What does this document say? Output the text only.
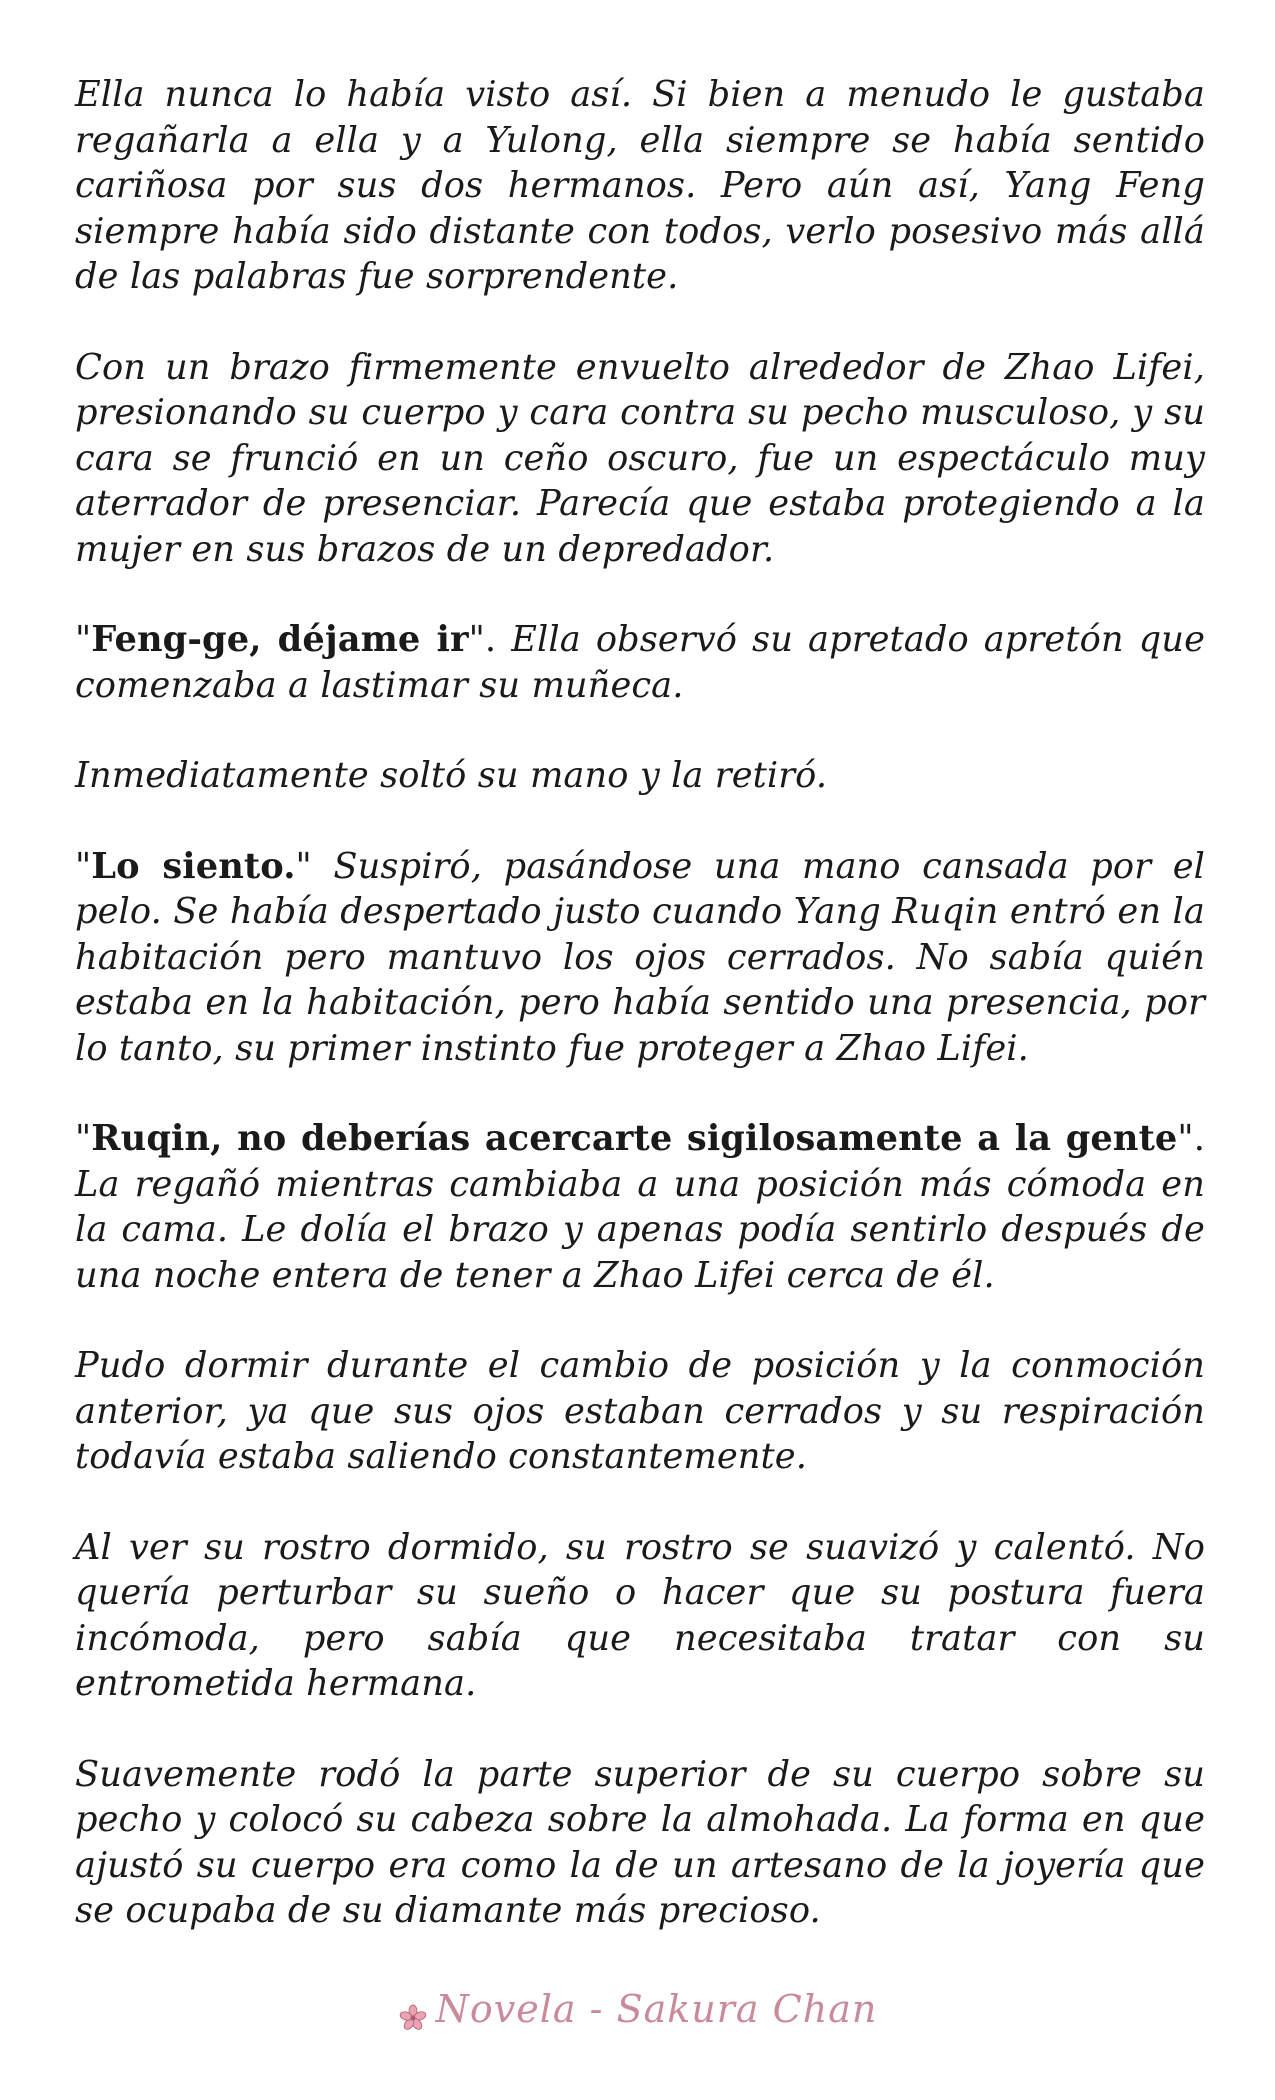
Ella nunca lo había visto así. Si bien a menudo le gustaba regañarla a ella y a Yulong, ella siempre se había sentido cariñosa por sus dos hermanos. Pero aún así, Yang Feng siempre había sido distante con todos, verlo posesivo más allá de las palabras fue sorprendente.

Con un brazo firmemente envuelto alrededor de Zhao Lifei, presionando su cuerpo y cara contra su pecho musculoso, y su cara se frunció en un ceño oscuro, fue un espectáculo muy aterrador de presenciar. Parecía que estaba protegiendo a la mujer en sus brazos de un depredador.

"Feng-ge, déjame ir". Ella observó su apretado apretón que comenzaba a lastimar su muñeca.

Inmediatamente soltó su mano y la retiró.

"Lo siento." Suspiró, pasándose una mano cansada por el pelo. Se había despertado justo cuando Yang Ruqin entró en la habitación pero mantuvo los ojos cerrados. No sabía quién estaba en la habitación, pero había sentido una presencia, por lo tanto, su primer instinto fue proteger a Zhao Lifei.

"Ruqin, no deberías acercarte sigilosamente a la gente". La regañó mientras cambiaba a una posición más cómoda en la cama. Le dolía el brazo y apenas podía sentirlo después de una noche entera de tener a Zhao Lifei cerca de él.

Pudo dormir durante el cambio de posición y la conmoción anterior, ya que sus ojos estaban cerrados y su respiración todavía estaba saliendo constantemente.

Al ver su rostro dormido, su rostro se suavizó y calentó. No quería perturbar su sueño o hacer que su postura fuera incómoda, pero sabía que necesitaba tratar con su entrometida hermana.

Suavemente rodó la parte superior de su cuerpo sobre su pecho y colocó su cabeza sobre la almohada. La forma en que ajustó su cuerpo era como la de un artesano de la joyería que se ocupaba de su diamante más precioso.

Novela - Sakura Chan
